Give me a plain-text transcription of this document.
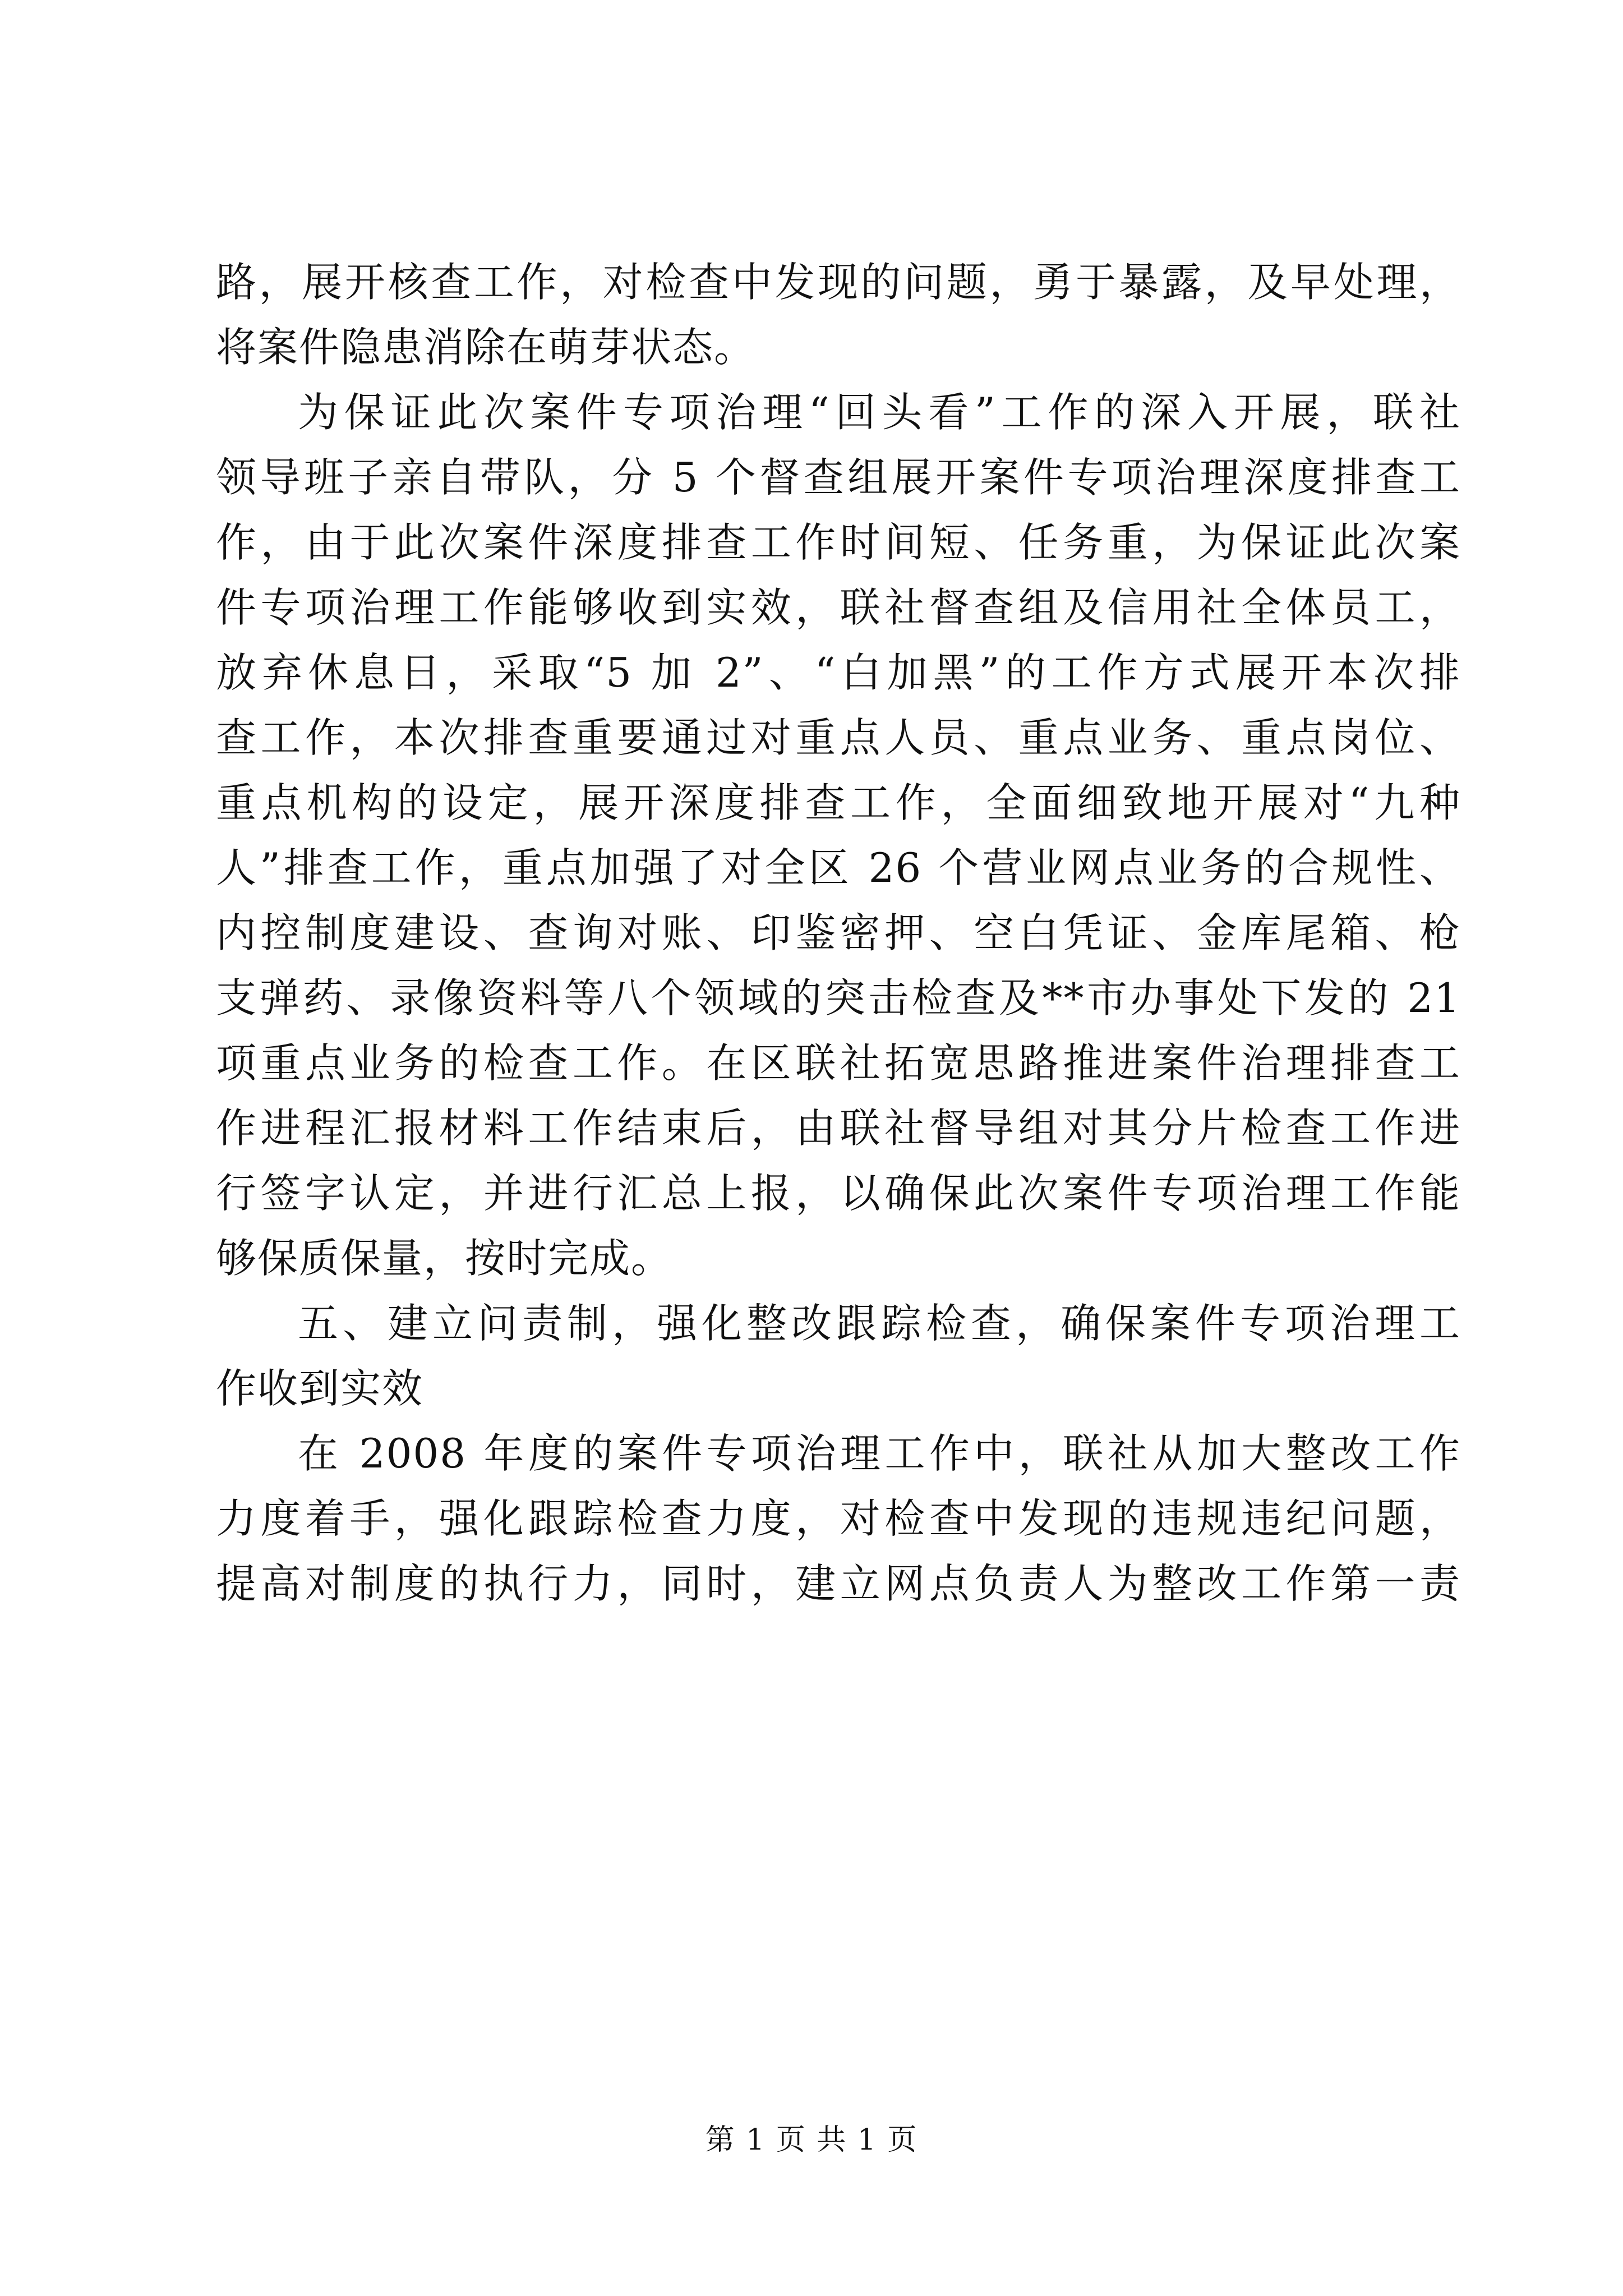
路，展开核查工作，对检查中发现的问题，勇于暴露，及早处理，
将案件隐患消除在萌芽状态。
为保证此次案件专项治理“回头看”工作的深入开展，联社
领导班子亲自带队，分 5 个督查组展开案件专项治理深度排查工
作，由于此次案件深度排查工作时间短、任务重，为保证此次案
件专项治理工作能够收到实效，联社督查组及信用社全体员工，
放弃休息日，采取“5 加 2”、“白加黑”的工作方式展开本次排
查工作，本次排查重要通过对重点人员、重点业务、重点岗位、
重点机构的设定，展开深度排查工作，全面细致地开展对“九种
人”排查工作，重点加强了对全区 26 个营业网点业务的合规性、
内控制度建设、查询对账、印鉴密押、空白凭证、金库尾箱、枪
支弹药、录像资料等八个领域的突击检查及**市办事处下发的 21
项重点业务的检查工作。在区联社拓宽思路推进案件治理排查工
作进程汇报材料工作结束后，由联社督导组对其分片检查工作进
行签字认定，并进行汇总上报，以确保此次案件专项治理工作能
够保质保量，按时完成。
五、建立问责制，强化整改跟踪检查，确保案件专项治理工
作收到实效
在 2008 年度的案件专项治理工作中，联社从加大整改工作
力度着手，强化跟踪检查力度，对检查中发现的违规违纪问题，
提高对制度的执行力，同时，建立网点负责人为整改工作第一责
第 1 页 共 1 页
